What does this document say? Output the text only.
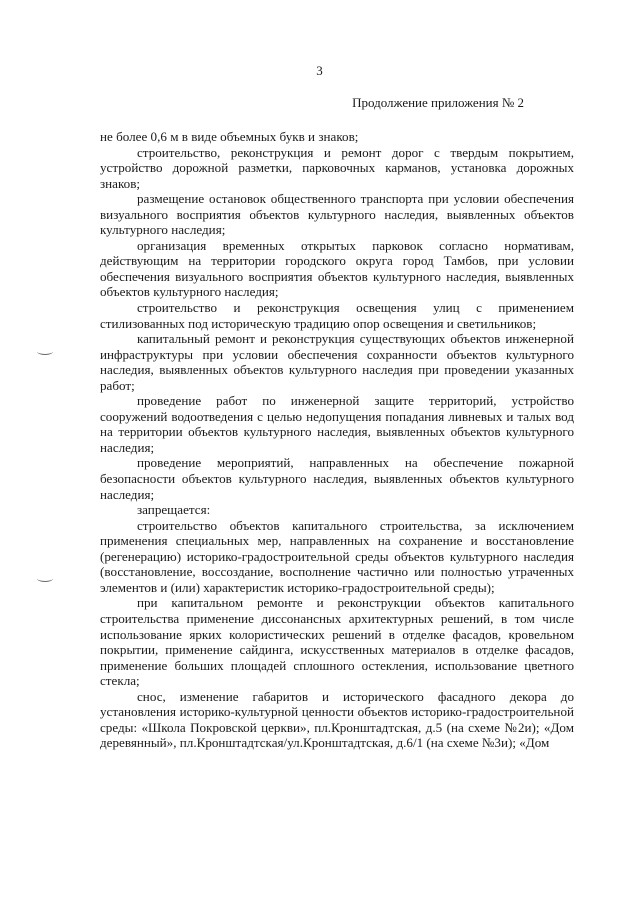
3
Продолжение приложения № 2

не более 0,6 м в виде объемных букв и знаков;

строительство, реконструкция и ремонт дорог с твердым покрытием, устройство дорожной разметки, парковочных карманов, установка дорожных знаков;

размещение остановок общественного транспорта при условии обеспечения визуального восприятия объектов культурного наследия, выявленных объектов культурного наследия;

организация временных открытых парковок согласно нормативам, действующим на территории городского округа город Тамбов, при условии обеспечения визуального восприятия объектов культурного наследия, выявленных объектов культурного наследия;

строительство и реконструкция освещения улиц с применением стилизованных под историческую традицию опор освещения и светильников;

капитальный ремонт и реконструкция существующих объектов инженерной инфраструктуры при условии обеспечения сохранности объектов культурного наследия, выявленных объектов культурного наследия при проведении указанных работ;

проведение работ по инженерной защите территорий, устройство сооружений водоотведения с целью недопущения попадания ливневых и талых вод на территории объектов культурного наследия, выявленных объектов культурного наследия;

проведение мероприятий, направленных на обеспечение пожарной безопасности объектов культурного наследия, выявленных объектов культурного наследия;

запрещается:

строительство объектов капитального строительства, за исключением применения специальных мер, направленных на сохранение и восстановление (регенерацию) историко-градостроительной среды объектов культурного наследия (восстановление, воссоздание, восполнение частично или полностью утраченных элементов и (или) характеристик историко-градостроительной среды);

при капитальном ремонте и реконструкции объектов капитального строительства применение диссонансных архитектурных решений, в том числе использование ярких колористических решений в отделке фасадов, кровельном покрытии, применение сайдинга, искусственных материалов в отделке фасадов, применение больших площадей сплошного остекления, использование цветного стекла;

снос, изменение габаритов и исторического фасадного декора до установления историко-культурной ценности объектов историко-градостроительной среды: «Школа Покровской церкви», пл.Кронштадтская, д.5 (на схеме №2и); «Дом деревянный», пл.Кронштадтская/ул.Кронштадтская, д.6/1 (на схеме №3и); «Дом
